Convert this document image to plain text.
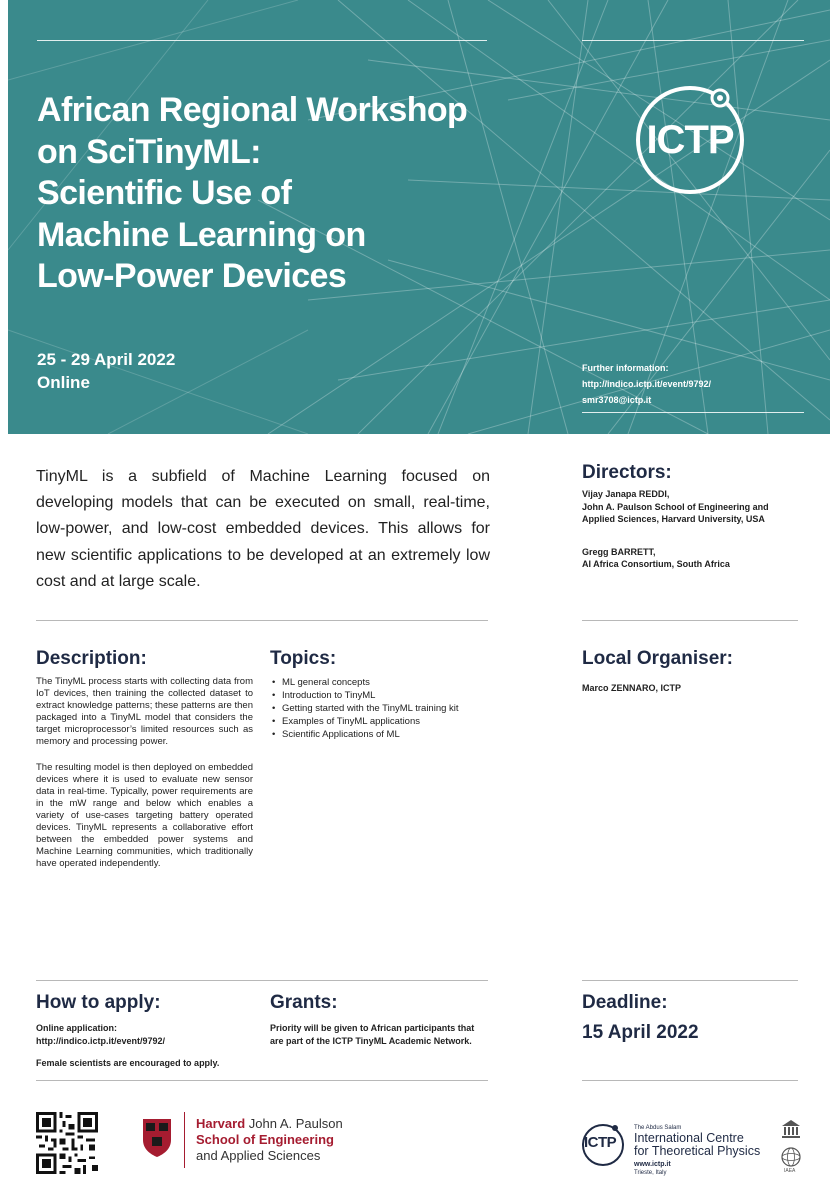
African Regional Workshop
on SciTinyML:
Scientific Use of
Machine Learning on
Low-Power Devices
25 - 29 April 2022
Online
Further information:
http://indico.ictp.it/event/9792/
smr3708@ictp.it
ICTP
TinyML is a subfield of Machine Learning focused on developing models that can be executed on small, real-time, low-power, and low-cost embedded devices. This allows for new scientific applications to be developed at an extremely low cost and at large scale.
Directors:
Vijay Janapa REDDI,
John A. Paulson School of Engineering and
Applied Sciences, Harvard University, USA
Gregg BARRETT,
AI Africa Consortium, South Africa
Description:

The TinyML process starts with collecting data from IoT devices, then training the collected dataset to extract knowledge patterns; these patterns are then packaged into a TinyML model that considers the target microprocessor’s limited resources such as memory and processing power.

The resulting model is then deployed on embedded devices where it is used to evaluate new sensor data in real-time. Typically, power requirements are in the mW range and below which enables a variety of use-cases targeting battery operated devices. TinyML represents a collaborative effort between the embedded power systems and Machine Learning communities, which traditionally have operated independently.

Topics:
• ML general concepts
• Introduction to TinyML
• Getting started with the TinyML training kit
• Examples of TinyML applications
• Scientific Applications of ML
Local Organiser:
Marco ZENNARO, ICTP
How to apply:
Online application:
http://indico.ictp.it/event/9792/
Female scientists are encouraged to apply.
Grants:
Priority will be given to African participants that are part of the ICTP TinyML Academic Network.
Deadline:
15 April 2022
Harvard John A. Paulson
School of Engineering
and Applied Sciences
ICTP
The Abdus Salam
International Centre
for Theoretical Physics
www.ictp.it
Trieste, Italy	IAEA
